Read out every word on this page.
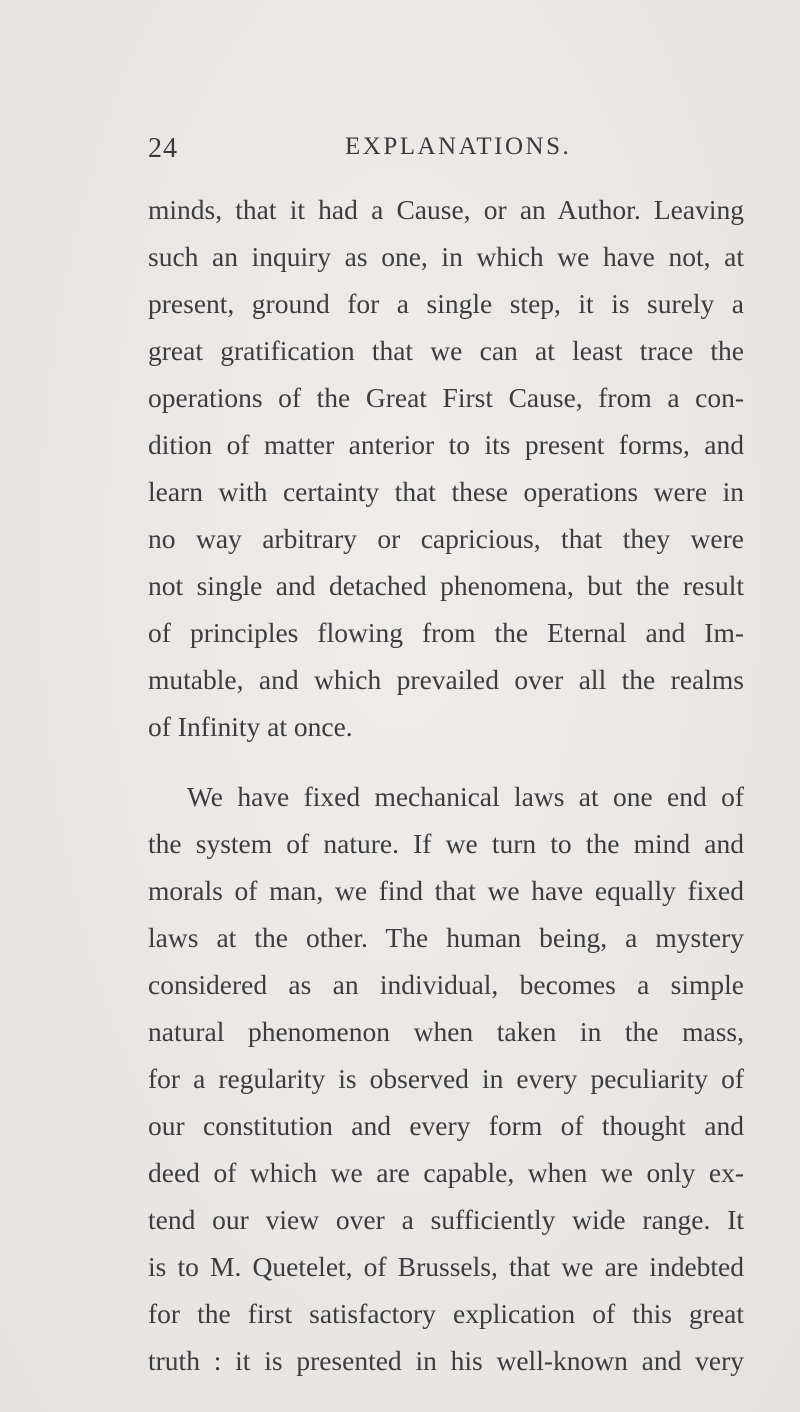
24	EXPLANATIONS.
minds, that it had a Cause, or an Author. Leaving
such an inquiry as one, in which we have not, at
present, ground for a single step, it is surely a
great gratification that we can at least trace the
operations of the Great First Cause, from a con-
dition of matter anterior to its present forms, and
learn with certainty that these operations were in
no way arbitrary or capricious, that they were
not single and detached phenomena, but the result
of principles flowing from the Eternal and Im-
mutable, and which prevailed over all the realms
of Infinity at once.
We have fixed mechanical laws at one end of
the system of nature. If we turn to the mind and
morals of man, we find that we have equally fixed
laws at the other. The human being, a mystery
considered as an individual, becomes a simple
natural phenomenon when taken in the mass,
for a regularity is observed in every peculiarity of
our constitution and every form of thought and
deed of which we are capable, when we only ex-
tend our view over a sufficiently wide range. It
is to M. Quetelet, of Brussels, that we are indebted
for the first satisfactory explication of this great
truth : it is presented in his well-known and very
